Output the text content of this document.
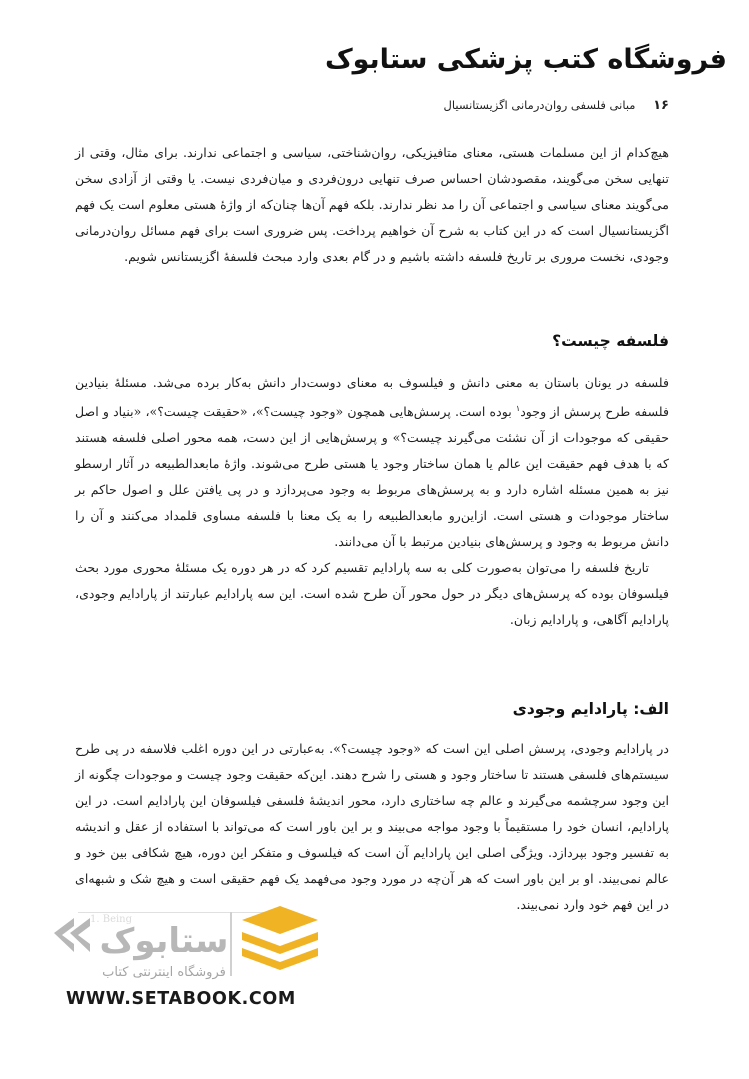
فروشگاه کتب پزشکی ستابوک
۱۶ مبانی فلسفی روان‌درمانی اگزیستانسیال

هیچ‌کدام از این مسلمات هستی، معنای متافیزیکی، روان‌شناختی، سیاسی و اجتماعی ندارند. برای مثال، وقتی از تنهایی سخن می‌گویند، مقصودشان احساس صرف تنهایی درون‌فردی و میان‌فردی نیست. یا وقتی از آزادی سخن می‌گویند معنای سیاسی و اجتماعی آن را مد نظر ندارند. بلکه فهم آن‌ها چنان‌که از واژهٔ هستی معلوم است یک فهم اگزیستانسیال است که در این کتاب به شرح آن خواهیم پرداخت. پس ضروری است برای فهم مسائل روان‌درمانی وجودی، نخست مروری بر تاریخ فلسفه داشته باشیم و در گام بعدی وارد مبحث فلسفهٔ اگزیستانس شویم.

فلسفه چیست؟

فلسفه در یونان باستان به معنی دانش و فیلسوف به معنای دوست‌دار دانش به‌کار برده می‌شد. مسئلهٔ بنیادین فلسفه طرح پرسش از وجود$^۱$ بوده است. پرسش‌هایی همچون «وجود چیست؟»، «حقیقت چیست؟»، «بنیاد و اصل حقیقی که موجودات از آن نشئت می‌گیرند چیست؟» و پرسش‌هایی از این دست، همه محور اصلی فلسفه هستند که با هدف فهم حقیقت این عالم یا همان ساختار وجود یا هستی طرح می‌شوند. واژهٔ مابعدالطبیعه در آثار ارسطو نیز به همین مسئله اشاره دارد و به پرسش‌های مربوط به وجود می‌پردازد و در پی یافتن علل و اصول حاکم بر ساختار موجودات و هستی است. ازاین‌رو مابعدالطبیعه را به یک معنا با فلسفه مساوی قلمداد می‌کنند و آن را دانش مربوط به وجود و پرسش‌های بنیادین مرتبط با آن می‌دانند.

تاریخ فلسفه را می‌توان به‌صورت کلی به سه پارادایم تقسیم کرد که در هر دوره یک مسئلهٔ محوری مورد بحث فیلسوفان بوده که پرسش‌های دیگر در حول محور آن طرح شده است. این سه پارادایم عبارتند از پارادایم وجودی، پارادایم آگاهی، و پارادایم زبان.

الف: پارادایم وجودی

در پارادایم وجودی، پرسش اصلی این است که «وجود چیست؟». به‌عبارتی در این دوره اغلب فلاسفه در پی طرح سیستم‌های فلسفی هستند تا ساختار وجود و هستی را شرح دهند. این‌که حقیقت وجود چیست و موجودات چگونه از این وجود سرچشمه می‌گیرند و عالم چه ساختاری دارد، محور اندیشهٔ فلسفی فیلسوفان این پارادایم است. در این پارادایم، انسان خود را مستقیماً با وجود مواجه می‌بیند و بر این باور است که می‌تواند با استفاده از عقل و اندیشه به تفسیر وجود بپردازد. ویژگی اصلی این پارادایم آن است که فیلسوف و متفکر این دوره، هیچ شکافی بین خود و عالم نمی‌بیند. او بر این باور است که هر آن‌چه در مورد وجود می‌فهمد یک فهم حقیقی است و هیچ شک و شبهه‌ای در این فهم خود وارد نمی‌بیند.

ستابوک
فروشگاه اینترنتی کتاب
WWW.SETABOOK.COM
